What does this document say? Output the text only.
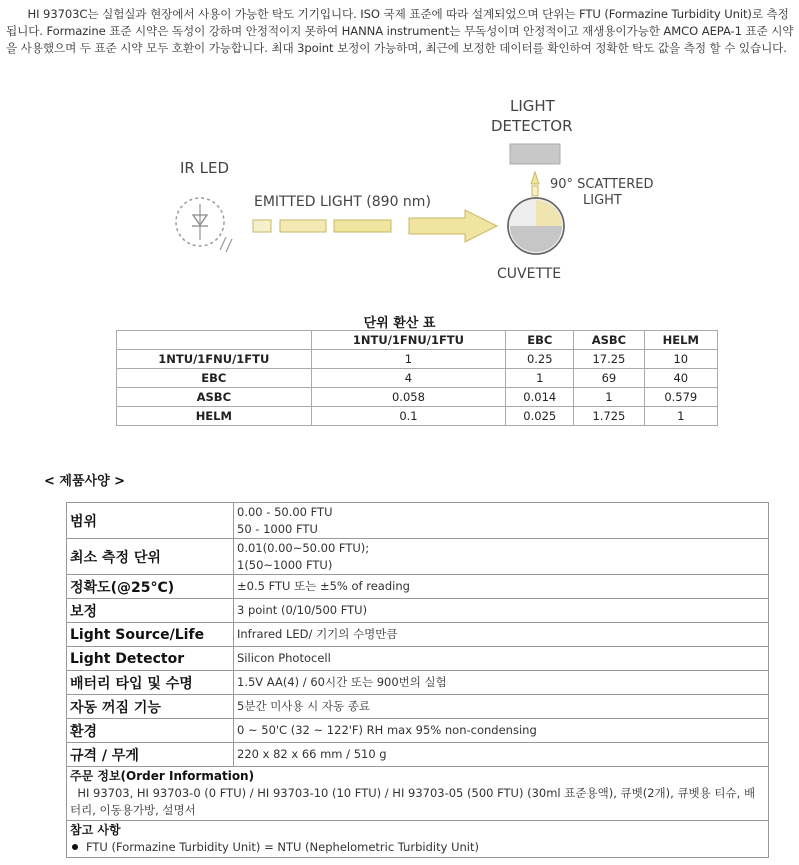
HI 93703C는 실험실과 현장에서 사용이 가능한 탁도 기기입니다. ISO 국제 표준에 따라 설계되었으며 단위는 FTU (Formazine Turbidity Unit)로 측정됩니다. Formazine 표준 시약은 독성이 강하며 안정적이지 못하여 HANNA instrument는 무독성이며 안정적이고 재생용이가능한 AMCO AEPA-1 표준 시약을 사용했으며 두 표준 시약 모두 호환이 가능합니다. 최대 3point 보정이 가능하며, 최근에 보정한 데이터를 확인하여 정확한 탁도 값을 측정 할 수 있습니다.
IR LED
EMITTED LIGHT (890 nm)
LIGHT
DETECTOR
90° SCATTERED
LIGHT
CUVETTE
단위 환산 표
	1NTU/1FNU/1FTU	EBC	ASBC	HELM
1NTU/1FNU/1FTU	1	0.25	17.25	10
EBC	4	1	69	40
ASBC	0.058	0.014	1	0.579
HELM	0.1	0.025	1.725	1
< 제품사양 >
범위	0.00 - 50.00 FTU
50 - 1000 FTU
최소 측정 단위	0.01(0.00~50.00 FTU);
1(50~1000 FTU)
정확도(@25°C)	±0.5 FTU 또는 ±5% of reading
보정	3 point (0/10/500 FTU)
Light Source/Life	Infrared LED/ 기기의 수명만큼
Light Detector	Silicon Photocell
배터리 타입 및 수명	1.5V AA(4) / 60시간 또는 900번의 실험
자동 꺼짐 기능	5분간 미사용 시 자동 종료
환경	0 ~ 50'C (32 ~ 122'F) RH max 95% non-condensing
규격 / 무게	220 x 82 x 66 mm / 510 g

주문 정보(Order Information)
HI 93703, HI 93703-0 (0 FTU) / HI 93703-10 (10 FTU) / HI 93703-05 (500 FTU) (30ml 표준용액), 큐벳(2개), 큐벳용 티슈, 배터리, 이동용가방, 설명서	

참고 사항
FTU (Formazine Turbidity Unit) = NTU (Nephelometric Turbidity Unit)	
